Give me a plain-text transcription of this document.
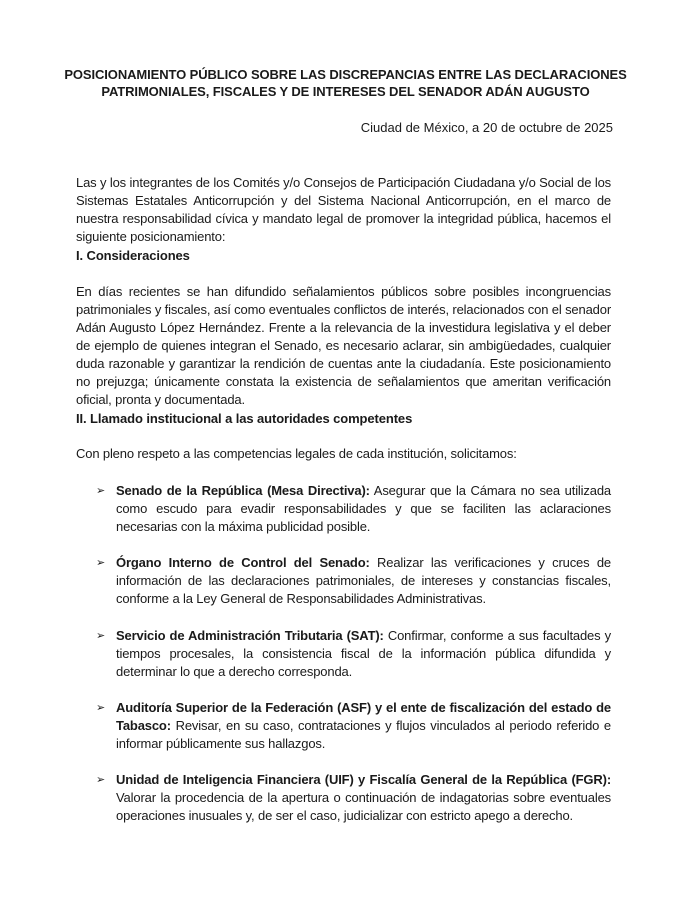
POSICIONAMIENTO PÚBLICO SOBRE LAS DISCREPANCIAS ENTRE LAS DECLARACIONES
PATRIMONIALES, FISCALES Y DE INTERESES DEL SENADOR ADÁN AUGUSTO
Ciudad de México, a 20 de octubre de 2025
Las y los integrantes de los Comités y/o Consejos de Participación Ciudadana y/o Social de los Sistemas Estatales Anticorrupción y del Sistema Nacional Anticorrupción, en el marco de nuestra responsabilidad cívica y mandato legal de promover la integridad pública, hacemos el siguiente posicionamiento:
I. Consideraciones
En días recientes se han difundido señalamientos públicos sobre posibles incongruencias patrimoniales y fiscales, así como eventuales conflictos de interés, relacionados con el senador Adán Augusto López Hernández. Frente a la relevancia de la investidura legislativa y el deber de ejemplo de quienes integran el Senado, es necesario aclarar, sin ambigüedades, cualquier duda razonable y garantizar la rendición de cuentas ante la ciudadanía. Este posicionamiento no prejuzga; únicamente constata la existencia de señalamientos que ameritan verificación oficial, pronta y documentada.
II. Llamado institucional a las autoridades competentes
Con pleno respeto a las competencias legales de cada institución, solicitamos:
➢ Senado de la República (Mesa Directiva): Asegurar que la Cámara no sea utilizada como escudo para evadir responsabilidades y que se faciliten las aclaraciones necesarias con la máxima publicidad posible.
➢ Órgano Interno de Control del Senado: Realizar las verificaciones y cruces de información de las declaraciones patrimoniales, de intereses y constancias fiscales, conforme a la Ley General de Responsabilidades Administrativas.
➢ Servicio de Administración Tributaria (SAT): Confirmar, conforme a sus facultades y tiempos procesales, la consistencia fiscal de la información pública difundida y determinar lo que a derecho corresponda.
➢ Auditoría Superior de la Federación (ASF) y el ente de fiscalización del estado de Tabasco: Revisar, en su caso, contrataciones y flujos vinculados al periodo referido e informar públicamente sus hallazgos.
➢ Unidad de Inteligencia Financiera (UIF) y Fiscalía General de la República (FGR): Valorar la procedencia de la apertura o continuación de indagatorias sobre eventuales operaciones inusuales y, de ser el caso, judicializar con estricto apego a derecho.
